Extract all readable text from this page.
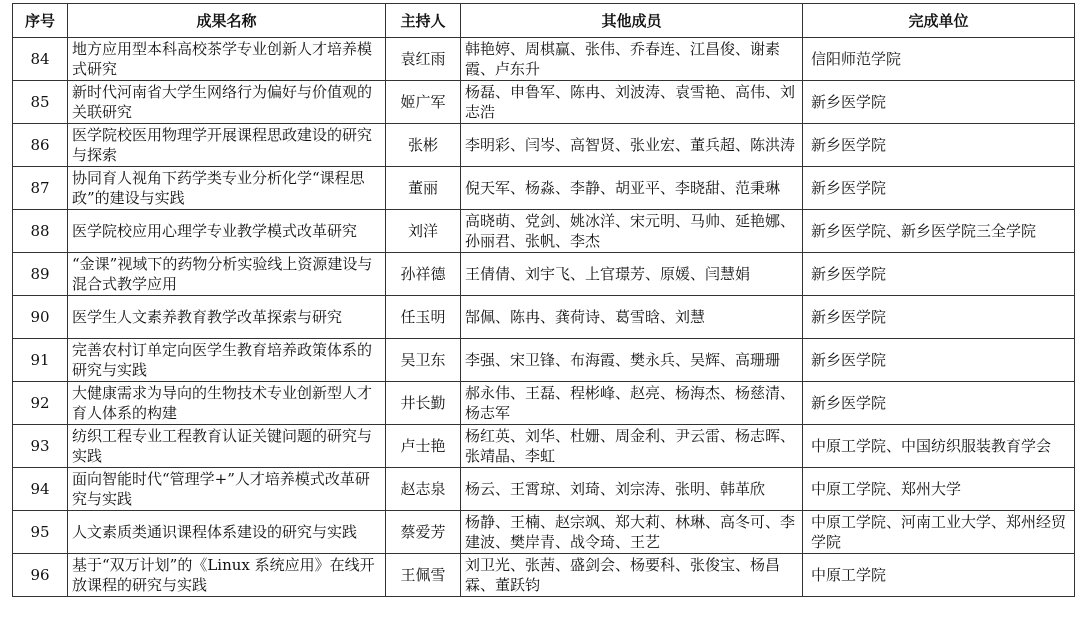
序号	成果名称	主持人	其他成员	完成单位
84	地方应用型本科高校茶学专业创新人才培养模式研究	袁红雨	韩艳婷、周棋赢、张伟、乔春连、江昌俊、谢素霞、卢东升	信阳师范学院
85	新时代河南省大学生网络行为偏好与价值观的关联研究	姬广军	杨磊、申鲁军、陈冉、刘波涛、袁雪艳、高伟、刘志浩	新乡医学院
86	医学院校医用物理学开展课程思政建设的研究与探索	张彬	李明彩、闫岑、高智贤、张业宏、董兵超、陈洪涛	新乡医学院
87	协同育人视角下药学类专业分析化学“课程思政”的建设与实践	董丽	倪天军、杨淼、李静、胡亚平、李晓甜、范秉琳	新乡医学院
88	医学院校应用心理学专业教学模式改革研究	刘洋	高晓萌、党剑、姚冰洋、宋元明、马帅、延艳娜、孙丽君、张帆、李杰	新乡医学院、新乡医学院三全学院
89	“金课”视域下的药物分析实验线上资源建设与混合式教学应用	孙祥德	王倩倩、刘宇飞、上官璟芳、原媛、闫慧娟	新乡医学院
90	医学生人文素养教育教学改革探索与研究	任玉明	郜佩、陈冉、龚荷诗、葛雪晗、刘慧	新乡医学院
91	完善农村订单定向医学生教育培养政策体系的研究与实践	吴卫东	李强、宋卫锋、布海霞、樊永兵、吴辉、高珊珊	新乡医学院
92	大健康需求为导向的生物技术专业创新型人才育人体系的构建	井长勤	郝永伟、王磊、程彬峰、赵亮、杨海杰、杨慈清、杨志军	新乡医学院
93	纺织工程专业工程教育认证关键问题的研究与实践	卢士艳	杨红英、刘华、杜姗、周金利、尹云雷、杨志晖、张靖晶、李虹	中原工学院、中国纺织服装教育学会
94	面向智能时代“管理学+”人才培养模式改革研究与实践	赵志泉	杨云、王霄琼、刘琦、刘宗涛、张明、韩革欣	中原工学院、郑州大学
95	人文素质类通识课程体系建设的研究与实践	蔡爱芳	杨静、王楠、赵宗飒、郑大莉、林琳、高冬可、李建波、樊岸青、战令琦、王艺	中原工学院、河南工业大学、郑州经贸学院
96	基于“双万计划”的《Linux 系统应用》在线开放课程的研究与实践	王佩雪	刘卫光、张茜、盛剑会、杨要科、张俊宝、杨昌霖、董跃钧	中原工学院
